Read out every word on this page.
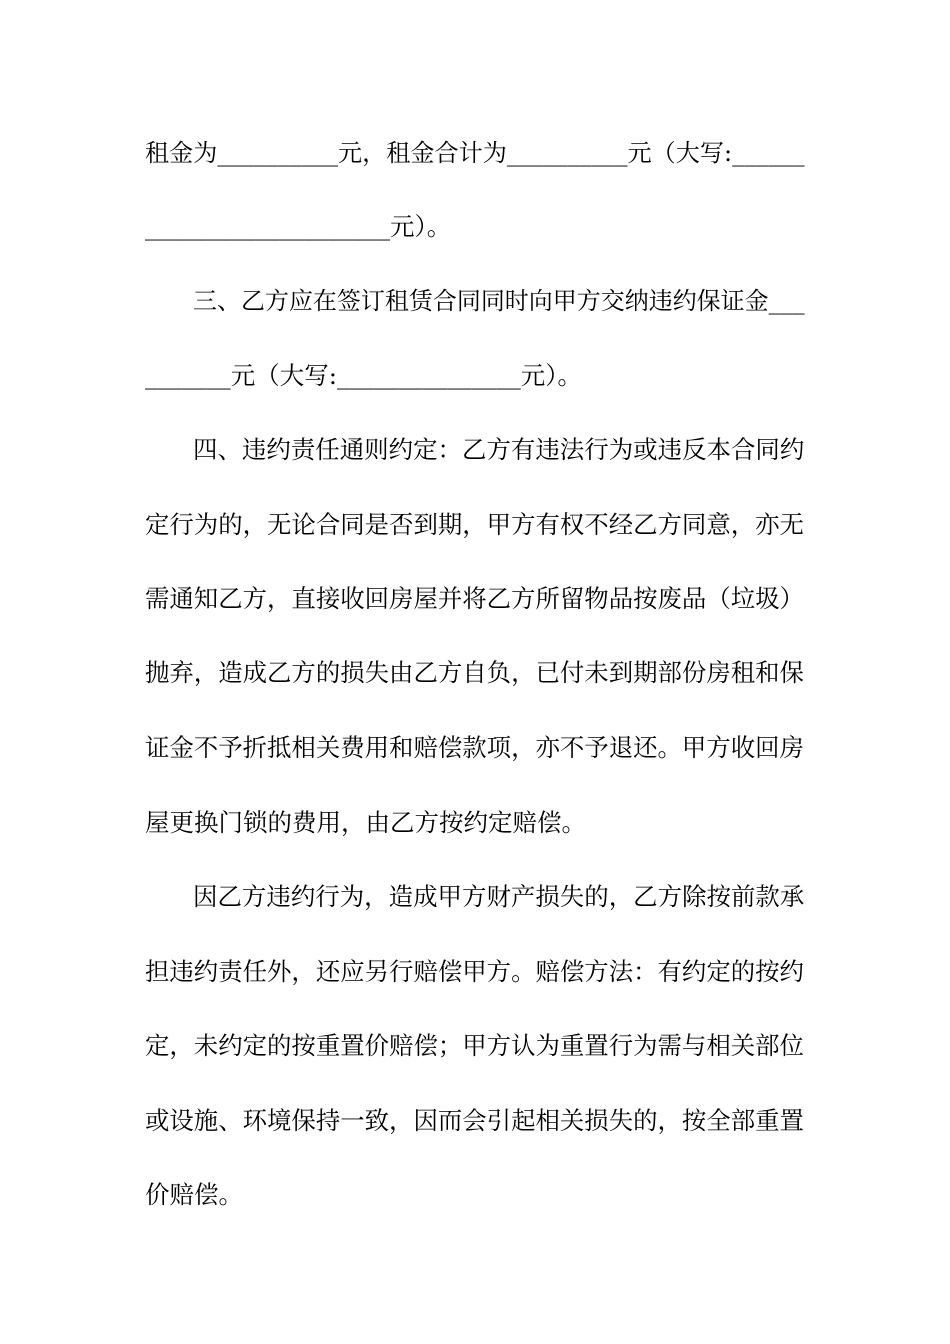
租金为__________元，租金合计为__________元（大写:______
____________________元）。
三、乙方应在签订租赁合同同时向甲方交纳违约保证金___
_______元（大写:_______________元）。
四、违约责任通则约定：乙方有违法行为或违反本合同约
定行为的，无论合同是否到期，甲方有权不经乙方同意，亦无
需通知乙方，直接收回房屋并将乙方所留物品按废品（垃圾）
抛弃，造成乙方的损失由乙方自负，已付未到期部份房租和保
证金不予折抵相关费用和赔偿款项，亦不予退还。甲方收回房
屋更换门锁的费用，由乙方按约定赔偿。
因乙方违约行为，造成甲方财产损失的，乙方除按前款承
担违约责任外，还应另行赔偿甲方。赔偿方法：有约定的按约
定，未约定的按重置价赔偿；甲方认为重置行为需与相关部位
或设施、环境保持一致，因而会引起相关损失的，按全部重置
价赔偿。
